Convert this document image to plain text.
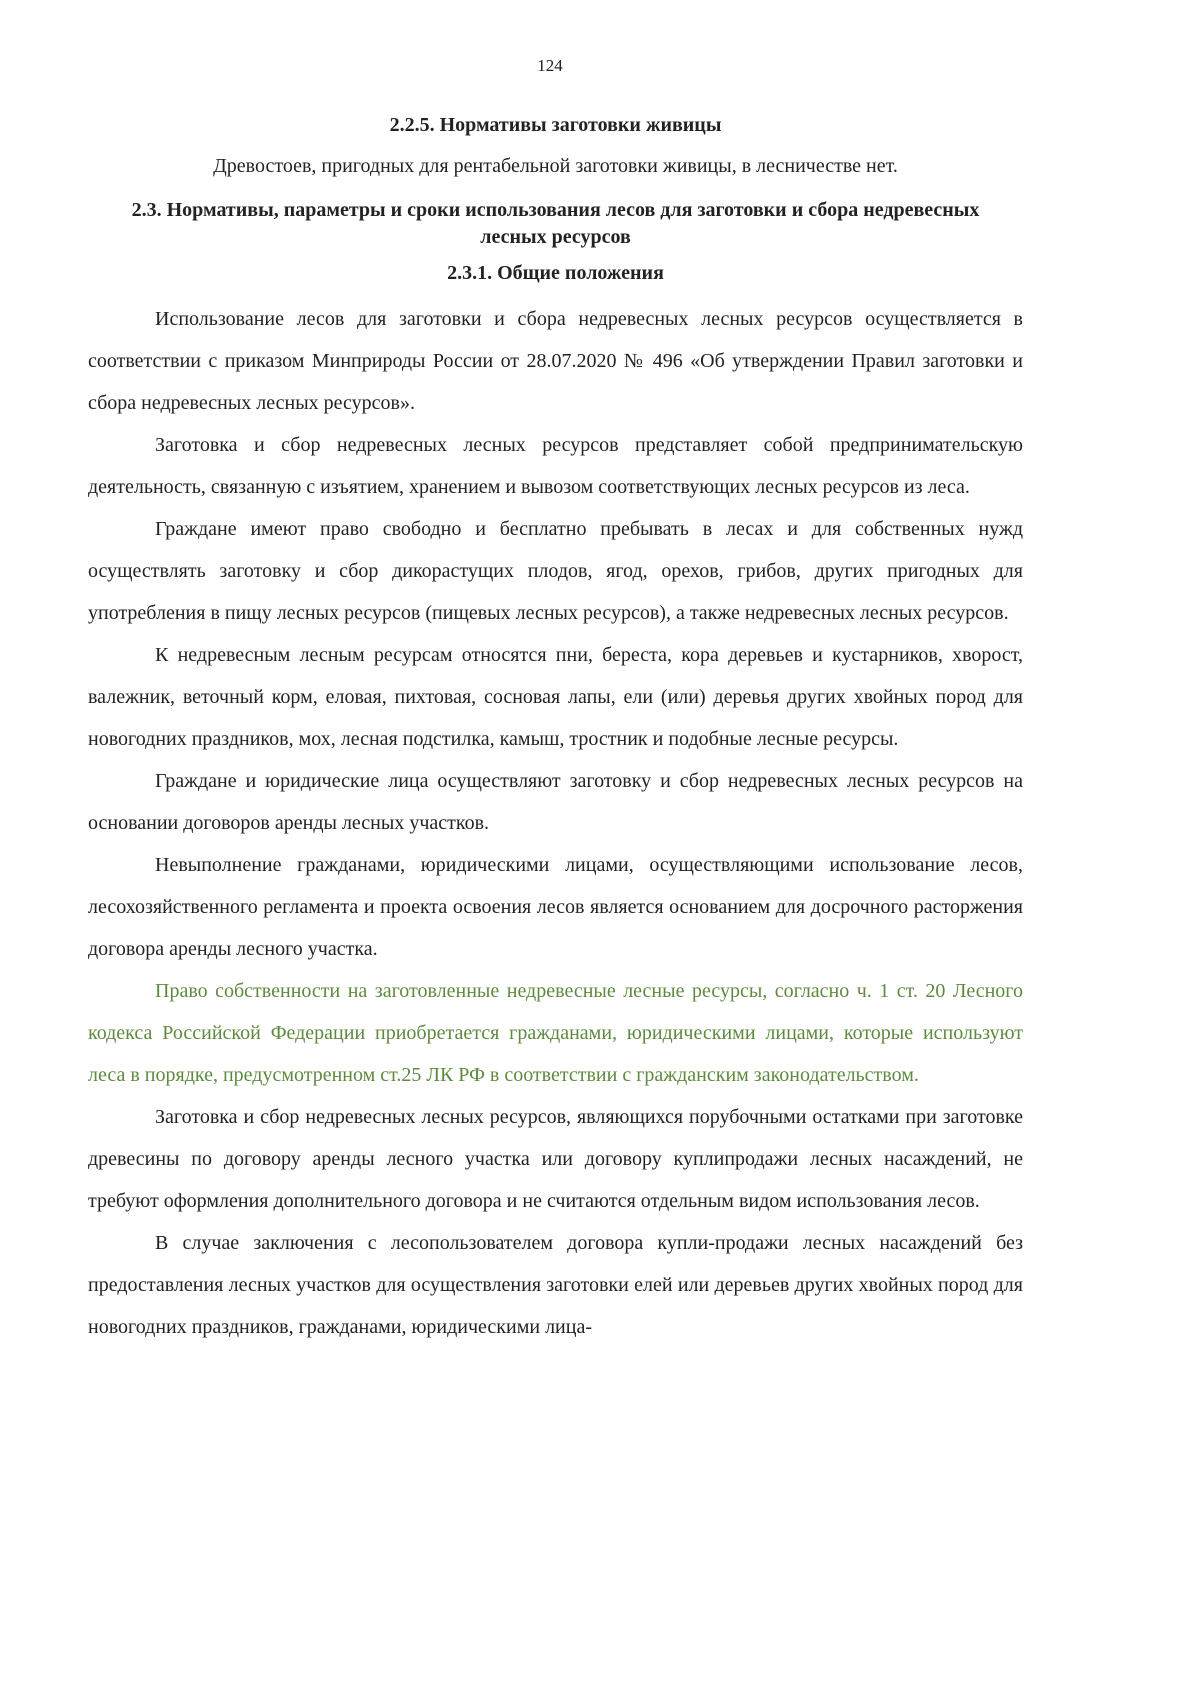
124
2.2.5. Нормативы заготовки живицы

Древостоев, пригодных для рентабельной заготовки живицы, в лесничестве нет.

2.3. Нормативы, параметры и сроки использования лесов для заготовки и сбора недревесных лесных ресурсов
2.3.1. Общие положения

Использование лесов для заготовки и сбора недревесных лесных ресурсов осуществляется в соответствии с приказом Минприроды России от 28.07.2020 № 496 «Об утверждении Правил заготовки и сбора недревесных лесных ресурсов».

Заготовка и сбор недревесных лесных ресурсов представляет собой предпринимательскую деятельность, связанную с изъятием, хранением и вывозом соответствующих лесных ресурсов из леса.

Граждане имеют право свободно и бесплатно пребывать в лесах и для собственных нужд осуществлять заготовку и сбор дикорастущих плодов, ягод, орехов, грибов, других пригодных для употребления в пищу лесных ресурсов (пищевых лесных ресурсов), а также недревесных лесных ресурсов.

К недревесным лесным ресурсам относятся пни, береста, кора деревьев и кустарников, хворост, валежник, веточный корм, еловая, пихтовая, сосновая лапы, ели (или) деревья других хвойных пород для новогодних праздников, мох, лесная подстилка, камыш, тростник и подобные лесные ресурсы.

Граждане и юридические лица осуществляют заготовку и сбор недревесных лесных ресурсов на основании договоров аренды лесных участков.

Невыполнение гражданами, юридическими лицами, осуществляющими использование лесов, лесохозяйственного регламента и проекта освоения лесов является основанием для досрочного расторжения договора аренды лесного участка.

Право собственности на заготовленные недревесные лесные ресурсы, согласно ч. 1 ст. 20 Лесного кодекса Российской Федерации приобретается гражданами, юридическими лицами, которые используют леса в порядке, предусмотренном ст.25 ЛК РФ в соответствии с гражданским законодательством.

Заготовка и сбор недревесных лесных ресурсов, являющихся порубочными остатками при заготовке древесины по договору аренды лесного участка или договору куплипродажи лесных насаждений, не требуют оформления дополнительного договора и не считаются отдельным видом использования лесов.

В случае заключения с лесопользователем договора купли-продажи лесных насаждений без предоставления лесных участков для осуществления заготовки елей или деревьев других хвойных пород для новогодних праздников, гражданами, юридическими лица-
